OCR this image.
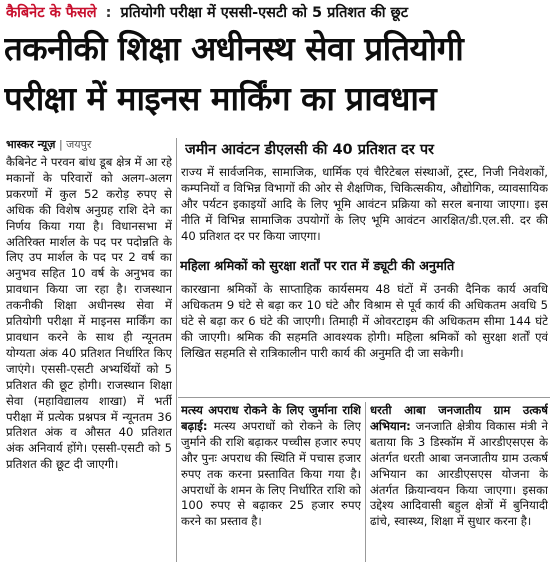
कैबिनेट के फैसले : प्रतियोगी परीक्षा में एससी-एसटी को 5 प्रतिशत की छूट
तकनीकी शिक्षा अधीनस्थ सेवा प्रतियोगी
परीक्षा में माइनस मार्किंग का प्रावधान
भास्कर न्यूज़ | जयपुर

कैबिनेट ने परवन बांध डूब क्षेत्र में आ रहे मकानों के परिवारों को अलग-अलग प्रकरणों में कुल 52 करोड़ रुपए से अधिक की विशेष अनुग्रह राशि देने का निर्णय किया गया है। विधानसभा में अतिरिक्त मार्शल के पद पर पदोन्नति के लिए उप मार्शल के पद पर 2 वर्ष का अनुभव सहित 10 वर्ष के अनुभव का प्रावधान किया जा रहा है। राजस्थान तकनीकी शिक्षा अधीनस्थ सेवा में प्रतियोगी परीक्षा में माइनस मार्किंग का प्रावधान करने के साथ ही न्यूनतम योग्यता अंक 40 प्रतिशत निर्धारित किए जाएंगे। एससी-एसटी अभ्यर्थियों को 5 प्रतिशत की छूट होगी। राजस्थान शिक्षा सेवा (महाविद्यालय शाखा) में भर्ती परीक्षा में प्रत्येक प्रश्नपत्र में न्यूनतम 36 प्रतिशत अंक व औसत 40 प्रतिशत अंक अनिवार्य होंगे। एससी-एसटी को 5 प्रतिशत की छूट दी जाएगी।

जमीन आवंटन डीएलसी की 40 प्रतिशत दर पर

राज्य में सार्वजनिक, सामाजिक, धार्मिक एवं चैरिटेबल संस्थाओं, ट्रस्ट, निजी निवेशकों, कम्पनियों व विभिन्न विभागों की ओर से शैक्षणिक, चिकित्सकीय, औद्योगिक, व्यावसायिक और पर्यटन इकाइयों आदि के लिए भूमि आवंटन प्रक्रिया को सरल बनाया जाएगा। इस नीति में विभिन्न सामाजिक उपयोगों के लिए भूमि आवंटन आरक्षित/डी.एल.सी. दर की 40 प्रतिशत दर पर किया जाएगा।

महिला श्रमिकों को सुरक्षा शर्तों पर रात में ड्यूटी की अनुमति

कारखाना श्रमिकों के साप्ताहिक कार्यसमय 48 घंटों में उनकी दैनिक कार्य अवधि अधिकतम 9 घंटे से बढ़ा कर 10 घंटे और विश्राम से पूर्व कार्य की अधिकतम अवधि 5 घंटे से बढ़ा कर 6 घंटे की जाएगी। तिमाही में ओवरटाइम की अधिकतम सीमा 144 घंटे की जाएगी। श्रमिक की सहमति आवश्यक होगी। महिला श्रमिकों को सुरक्षा शर्तों एवं लिखित सहमति से रात्रिकालीन पारी कार्य की अनुमति दी जा सकेगी।

मत्स्य अपराध रोकने के लिए जुर्माना राशि बढ़ाई: मत्स्य अपराधों को रोकने के लिए जुर्माने की राशि बढ़ाकर पच्चीस हजार रुपए और पुनः अपराध की स्थिति में पचास हजार रुपए तक करना प्रस्तावित किया गया है। अपराधों के शमन के लिए निर्धारित राशि को 100 रुपए से बढ़ाकर 25 हजार रुपए करने का प्रस्ताव है।
धरती आबा जनजातीय ग्राम उत्कर्ष अभियान: जनजाति क्षेत्रीय विकास मंत्री ने बताया कि 3 डिस्कॉम में आरडीएसएस के अंतर्गत धरती आबा जनजातीय ग्राम उत्कर्ष अभियान का आरडीएसएस योजना के अंतर्गत क्रियान्वयन किया जाएगा। इसका उद्देश्य आदिवासी बहुल क्षेत्रों में बुनियादी ढांचे, स्वास्थ्य, शिक्षा में सुधार करना है।
